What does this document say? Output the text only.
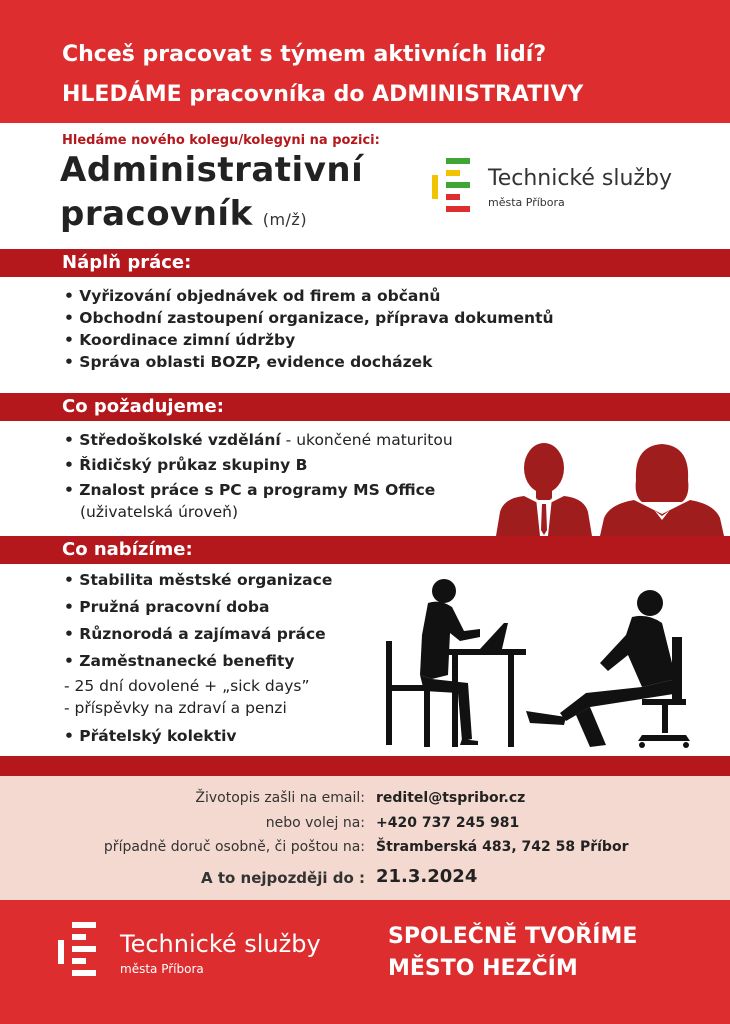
Chceš pracovat s týmem aktivních lidí?
HLEDÁME pracovníka do ADMINISTRATIVY
Hledáme nového kolegu/kolegyni na pozici:
Administrativní
pracovník (m/ž)
Technické služby
města Příbora
Náplň práce:
• Vyřizování objednávek od firem a občanů
• Obchodní zastoupení organizace, příprava dokumentů
• Koordinace zimní údržby
• Správa oblasti BOZP, evidence docházek
Co požadujeme:
• Středoškolské vzdělání - ukončené maturitou
• Řidičský průkaz skupiny B
• Znalost práce s PC a programy MS Office
(uživatelská úroveň)
Co nabízíme:
• Stabilita městské organizace
• Pružná pracovní doba
• Různorodá a zajímavá práce
• Zaměstnanecké benefity
- 25 dní dovolené + „sick days”
- příspěvky na zdraví a penzi
• Přátelský kolektiv
Životopis zašli na email: reditel@tspribor.cz
nebo volej na: +420 737 245 981
případně doruč osobně, či poštou na: Štramberská 483, 742 58 Příbor
A to nejpozději do : 21.3.2024
Technické služby
města Příbora
SPOLEČNĚ TVOŘÍME
MĚSTO HEZČÍM
